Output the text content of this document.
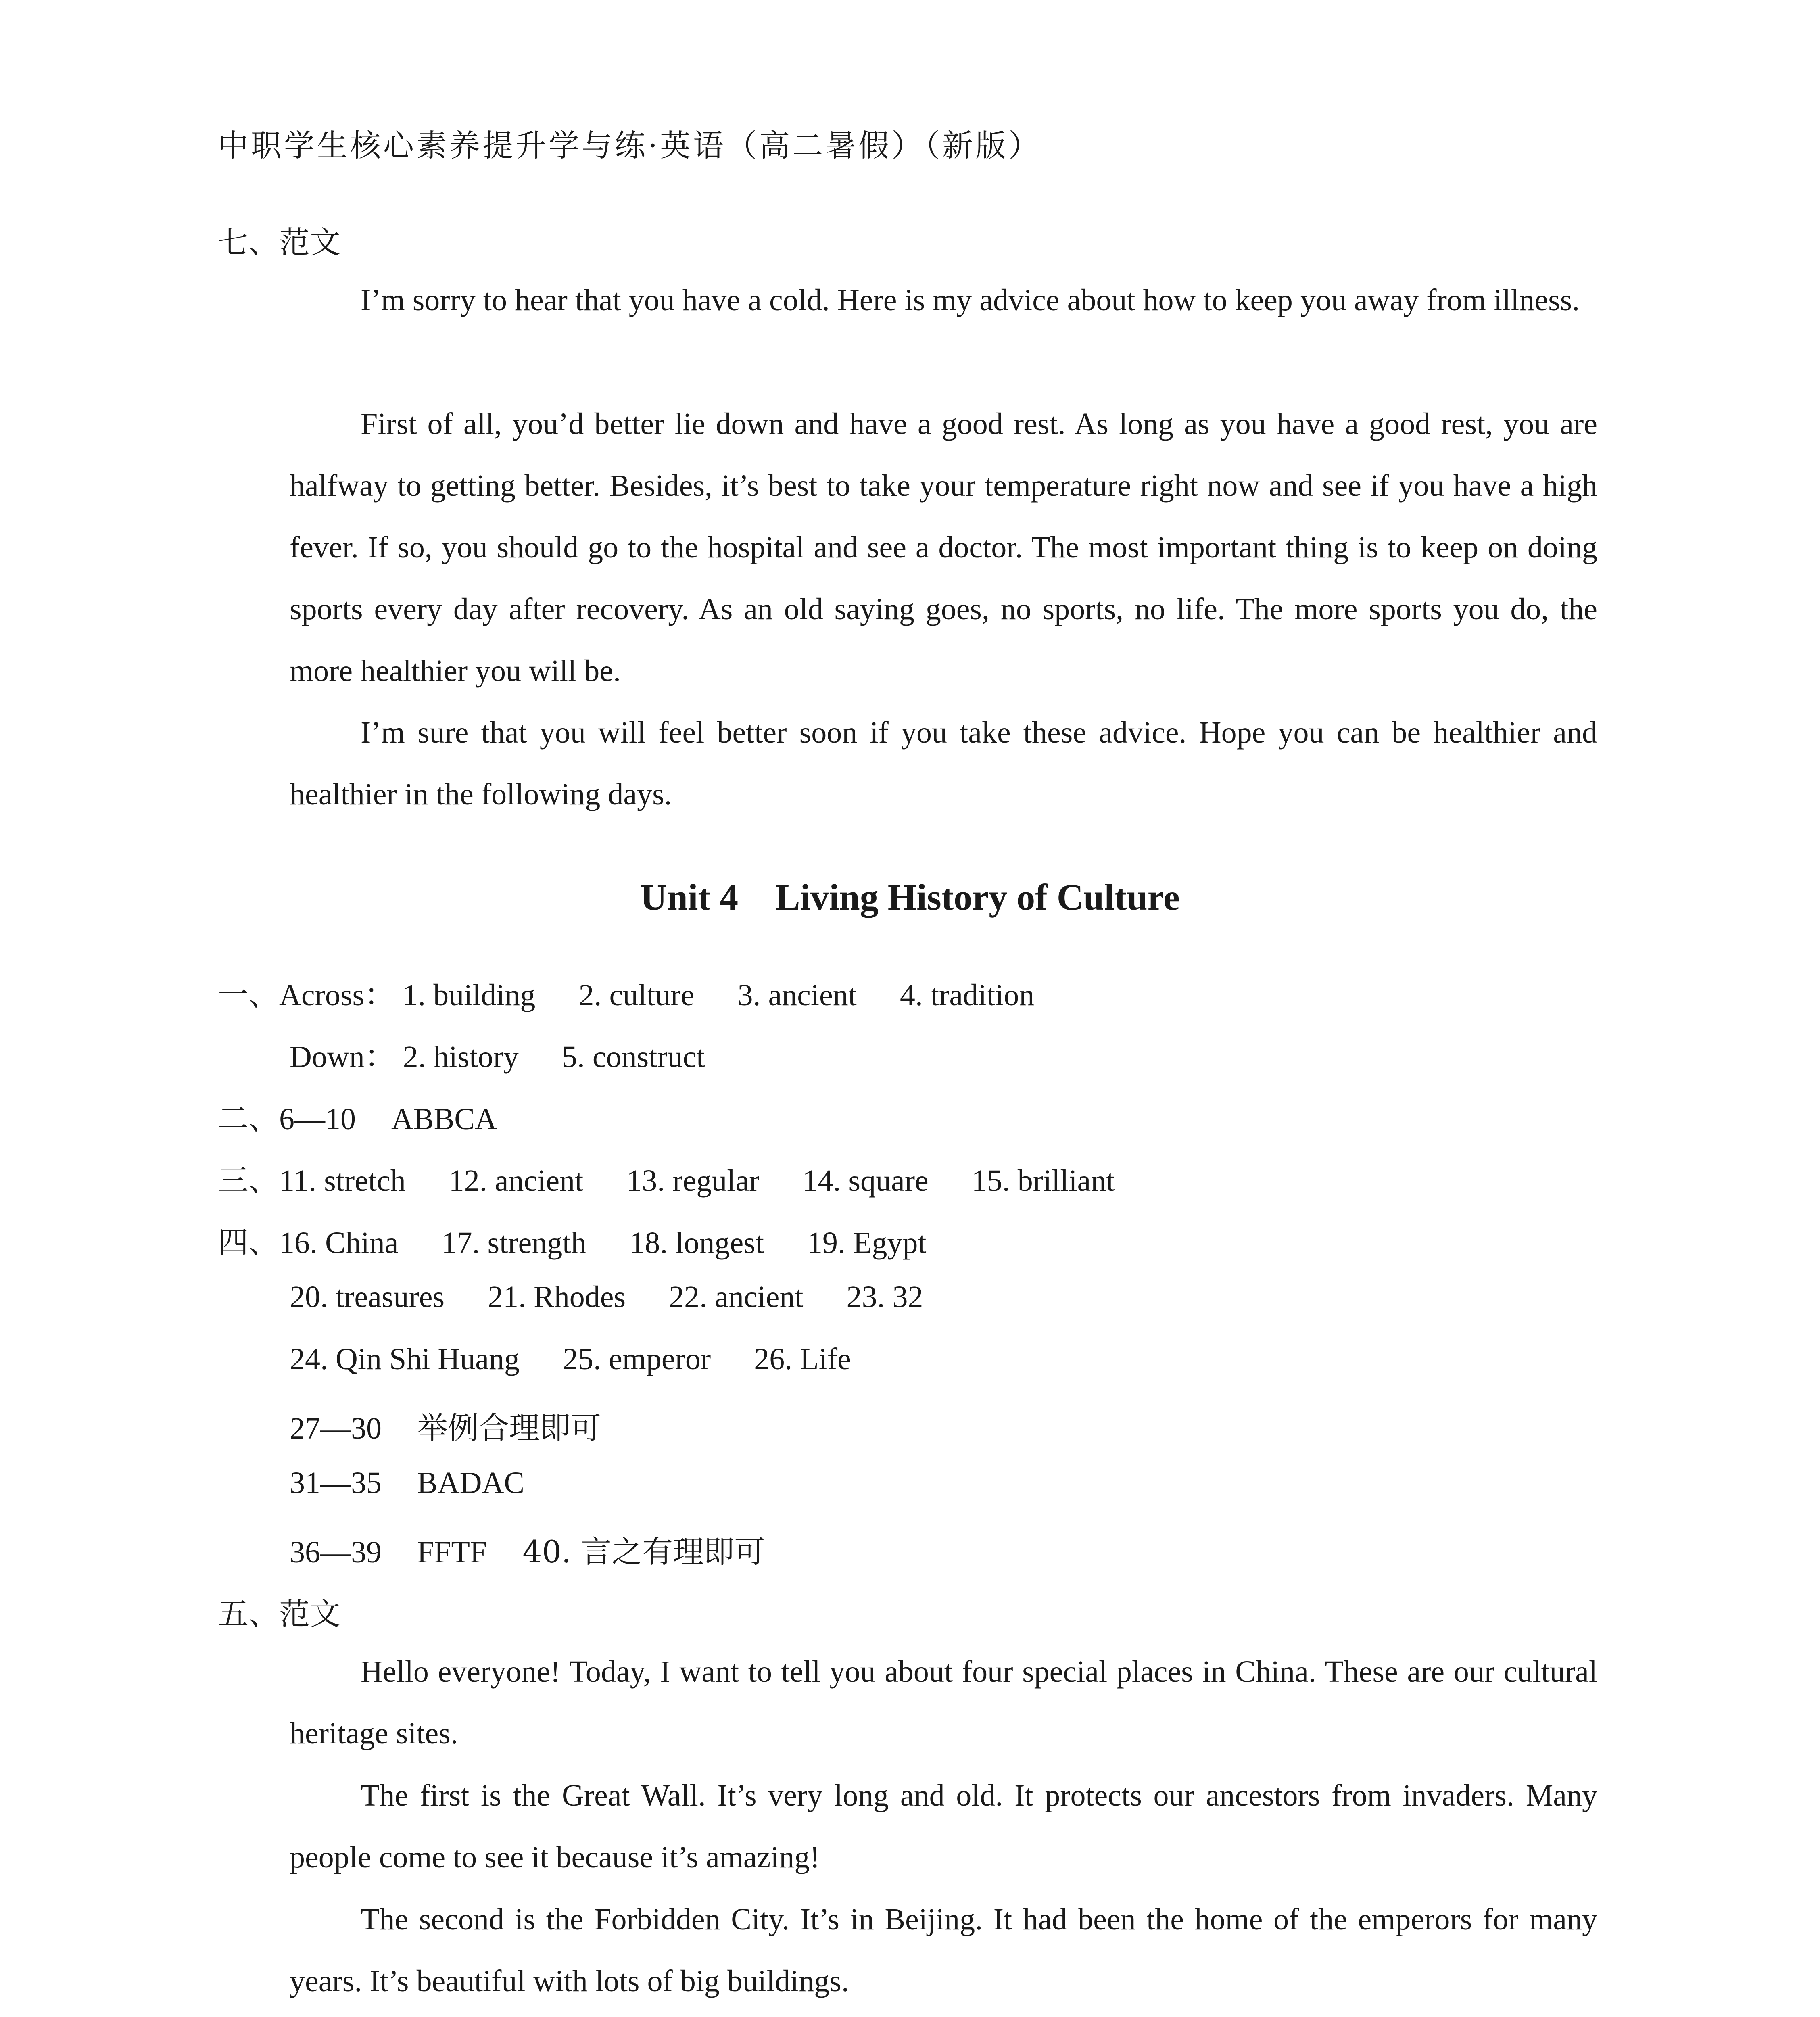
中职学生核心素养提升学与练·英语（高二暑假）（新版）
七、范文

I’m sorry to hear that you have a cold. Here is my advice about how to keep you away from illness.

First of all, you’d better lie down and have a good rest. As long as you have a good rest, you are halfway to getting better. Besides, it’s best to take your temperature right now and see if you have a high fever. If so, you should go to the hospital and see a doctor. The most important thing is to keep on doing sports every day after recovery. As an old saying goes, no sports, no life. The more sports you do, the more healthier you will be.

I’m sure that you will feel better soon if you take these advice. Hope you can be healthier and healthier in the following days.

Unit 4　Living History of Culture
一、Across： 1. building 2. culture 3. ancient 4. tradition
Down： 2. history 5. construct
二、6—10 ABBCA
三、11. stretch 12. ancient 13. regular 14. square 15. brilliant
四、16. China 17. strength 18. longest 19. Egypt
20. treasures 21. Rhodes 22. ancient 23. 32
24. Qin Shi Huang 25. emperor 26. Life
27—30 举例合理即可
31—35 BADAC
36—39 FFTF 40. 言之有理即可
五、范文

Hello everyone! Today, I want to tell you about four special places in China. These are our cultural heritage sites.

The first is the Great Wall. It’s very long and old. It protects our ancestors from invaders. Many people come to see it because it’s amazing!

The second is the Forbidden City. It’s in Beijing. It had been the home of the emperors for many years. It’s beautiful with lots of big buildings.
